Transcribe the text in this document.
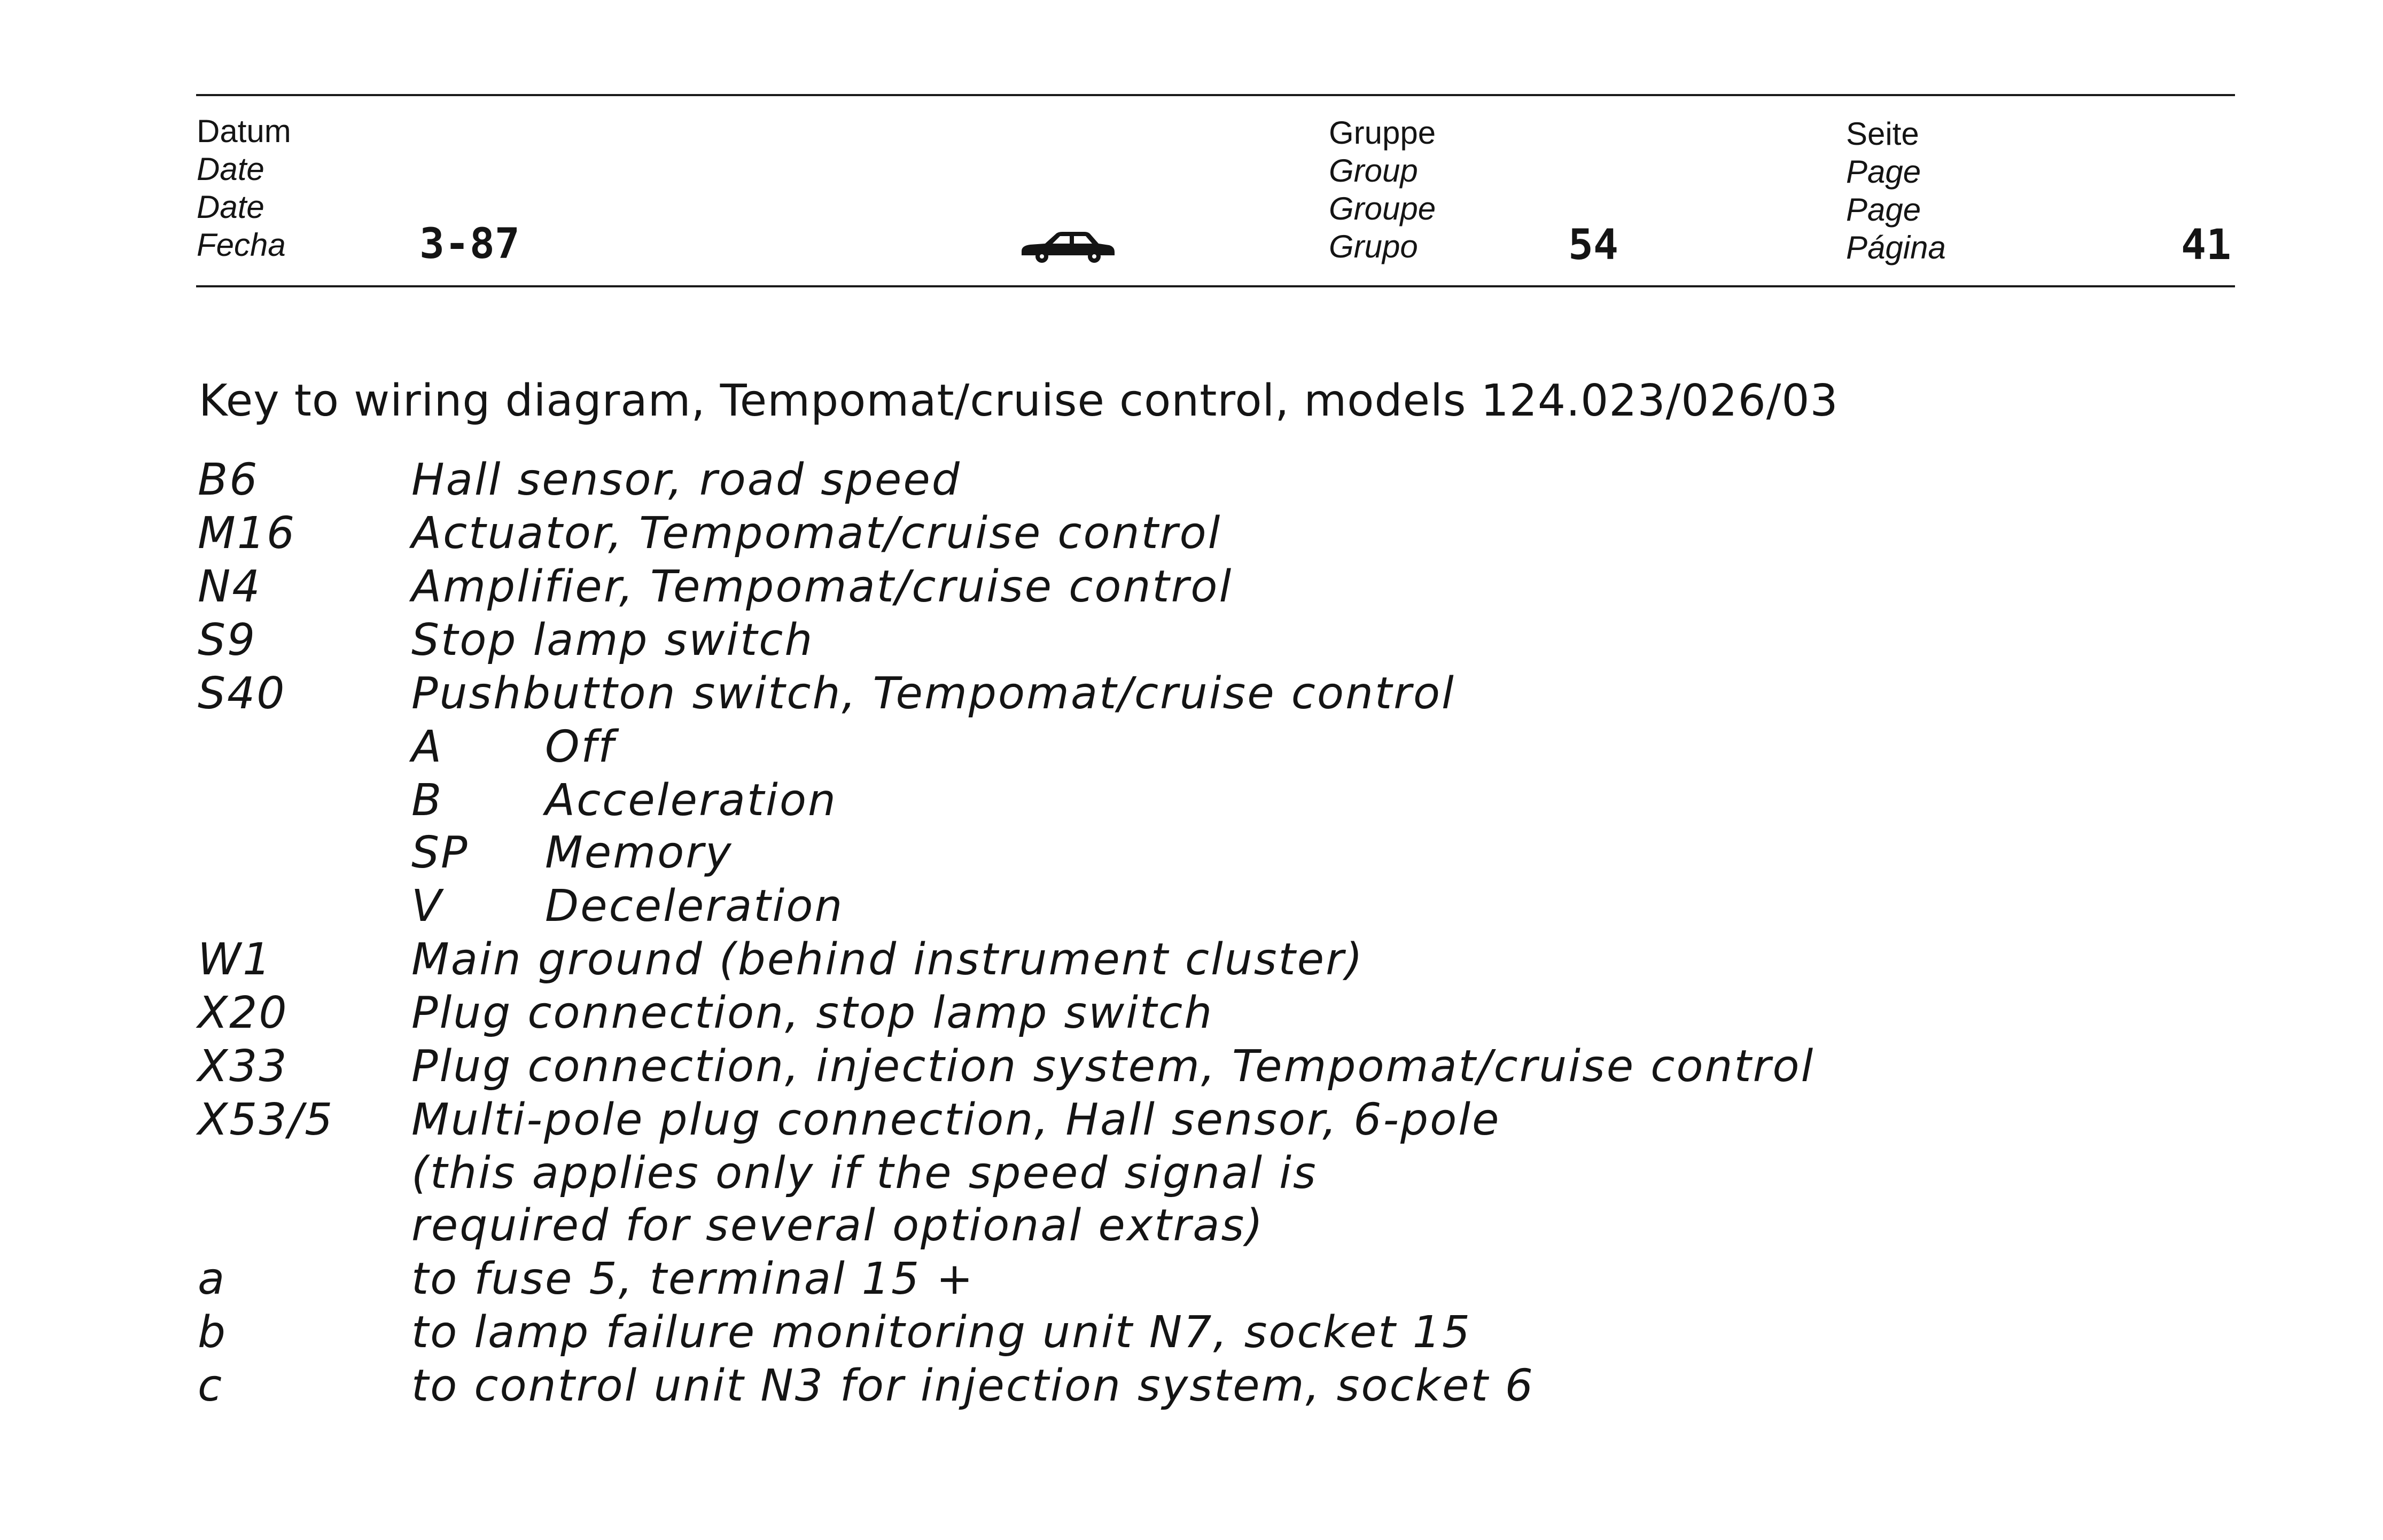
Datum
Date
Date
Fecha	3-87
Gruppe
Group
Groupe
Grupo	54
Seite
Page
Page
Página	41
Key to wiring diagram, Tempomat/cruise control, models 124.023/026/03
B6	Hall sensor, road speed
M16	Actuator, Tempomat/cruise control
N4	Amplifier, Tempomat/cruise control
S9	Stop lamp switch
S40	Pushbutton switch, Tempomat/cruise control
A Off
B Acceleration
SP Memory
V Deceleration
W1	Main ground (behind instrument cluster)
X20	Plug connection, stop lamp switch
X33	Plug connection, injection system, Tempomat/cruise control
X53/5 Multi-pole plug connection, Hall sensor, 6-pole
(this applies only if the speed signal is
required for several optional extras)
a	to fuse 5, terminal 15 +
b	to lamp failure monitoring unit N7, socket 15
c	to control unit N3 for injection system, socket 6
